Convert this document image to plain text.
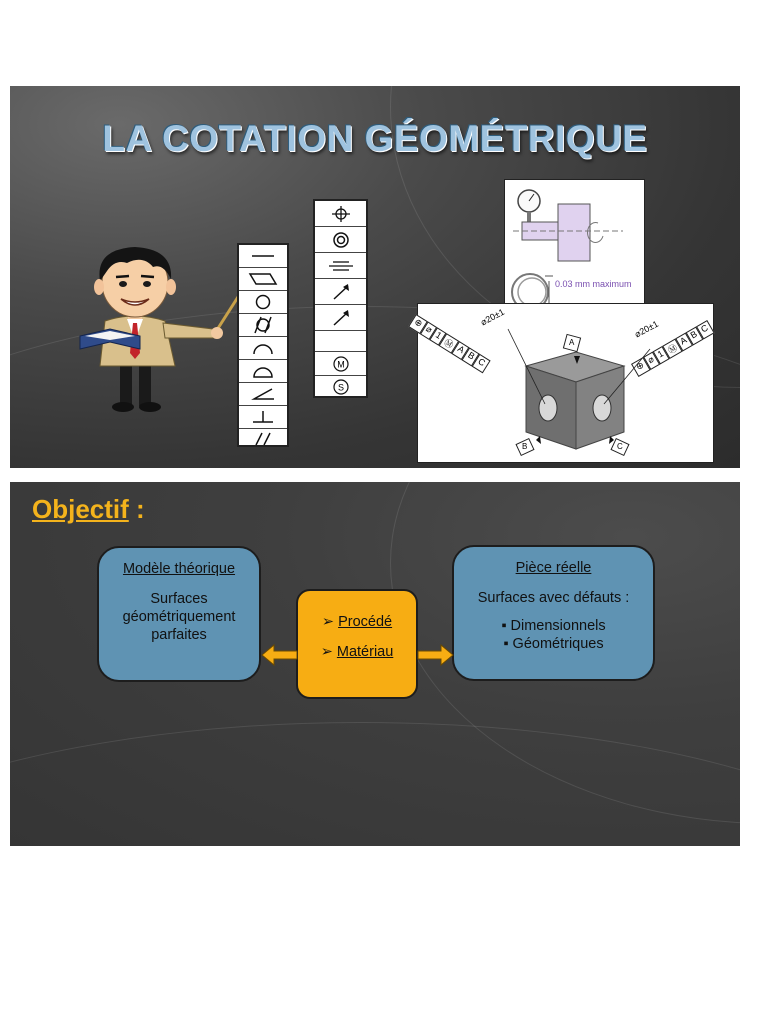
LA COTATION GÉOMÉTRIQUE
M
S
0.03 mm maximum
⊕
⌀
1
Ⓜ A
B
C
⌀20±1
⌀20±1
⊕
⌀ 1 Ⓜ
A
B
C
A
B	C
Objectif :
Modèle théorique
Surfaces
géométriquement
parfaites
➢ Procédé
➢ Matériau
Pièce réelle
Surfaces avec défauts :
▪ Dimensionnels
▪ Géométriques
